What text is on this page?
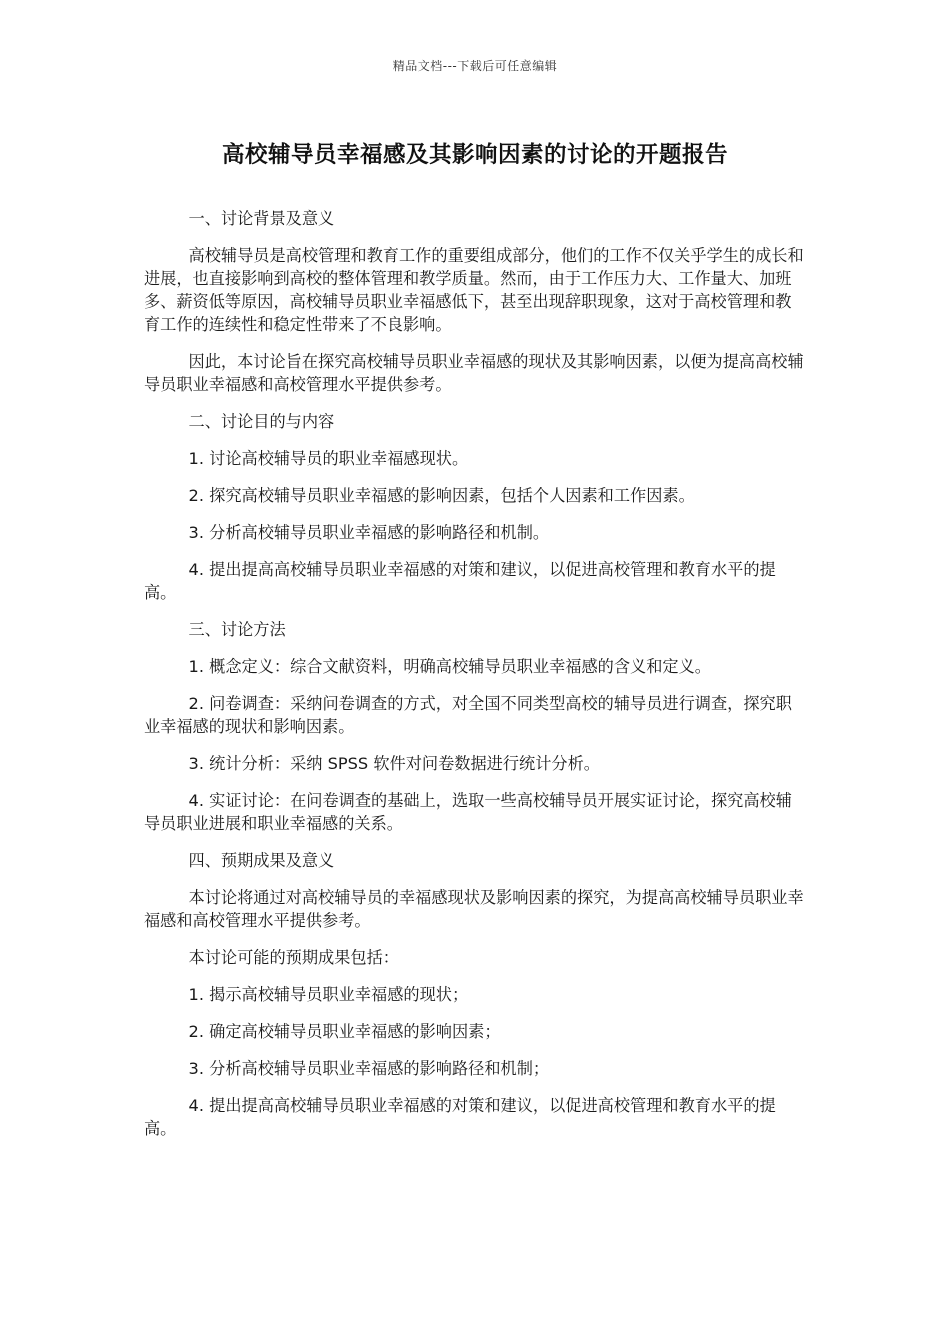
精品文档---下载后可任意编辑
高校辅导员幸福感及其影响因素的讨论的开题报告

一、讨论背景及意义

高校辅导员是高校管理和教育工作的重要组成部分，他们的工作不仅关乎学生的成长和进展，也直接影响到高校的整体管理和教学质量。然而，由于工作压力大、工作量大、加班多、薪资低等原因，高校辅导员职业幸福感低下，甚至出现辞职现象，这对于高校管理和教育工作的连续性和稳定性带来了不良影响。

因此，本讨论旨在探究高校辅导员职业幸福感的现状及其影响因素，以便为提高高校辅导员职业幸福感和高校管理水平提供参考。

二、讨论目的与内容

1. 讨论高校辅导员的职业幸福感现状。

2. 探究高校辅导员职业幸福感的影响因素，包括个人因素和工作因素。

3. 分析高校辅导员职业幸福感的影响路径和机制。

4. 提出提高高校辅导员职业幸福感的对策和建议，以促进高校管理和教育水平的提高。

三、讨论方法

1. 概念定义：综合文献资料，明确高校辅导员职业幸福感的含义和定义。

2. 问卷调查：采纳问卷调查的方式，对全国不同类型高校的辅导员进行调查，探究职业幸福感的现状和影响因素。

3. 统计分析：采纳 SPSS 软件对问卷数据进行统计分析。

4. 实证讨论：在问卷调查的基础上，选取一些高校辅导员开展实证讨论，探究高校辅导员职业进展和职业幸福感的关系。

四、预期成果及意义

本讨论将通过对高校辅导员的幸福感现状及影响因素的探究，为提高高校辅导员职业幸福感和高校管理水平提供参考。

本讨论可能的预期成果包括：

1. 揭示高校辅导员职业幸福感的现状；

2. 确定高校辅导员职业幸福感的影响因素；

3. 分析高校辅导员职业幸福感的影响路径和机制；

4. 提出提高高校辅导员职业幸福感的对策和建议，以促进高校管理和教育水平的提高。
